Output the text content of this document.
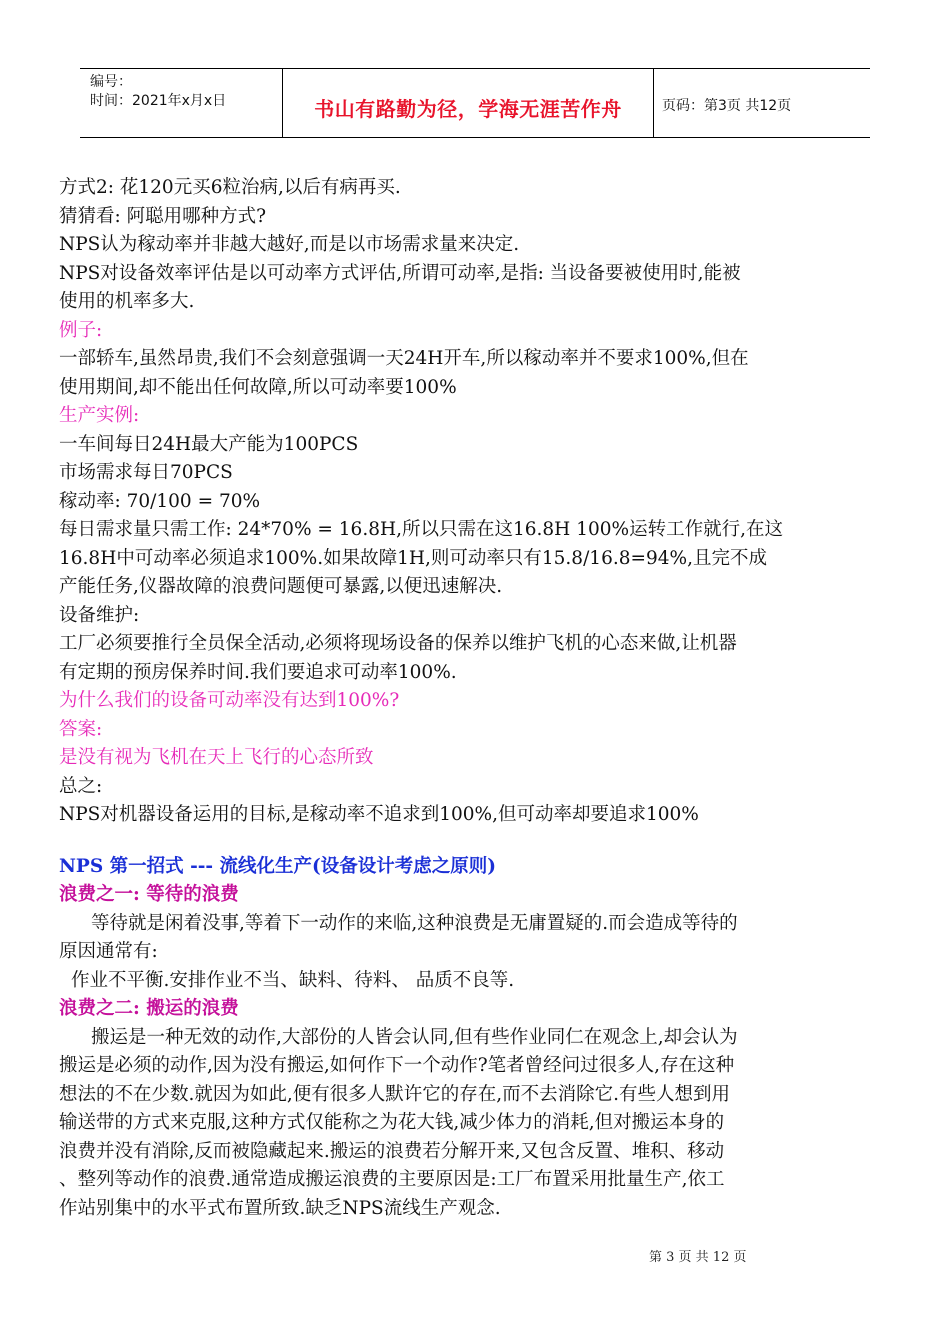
编号：
时间：2021年x月x日	书山有路勤为径，学海无涯苦作舟	页码：第3页 共12页
方式2: 花120元买6粒治病,以后有病再买.
猜猜看: 阿聪用哪种方式?
NPS认为稼动率并非越大越好,而是以市场需求量来决定.
NPS对设备效率评估是以可动率方式评估,所谓可动率,是指: 当设备要被使用时,能被
使用的机率多大.
例子:
一部轿车,虽然昂贵,我们不会刻意强调一天24H开车,所以稼动率并不要求100%,但在
使用期间,却不能出任何故障,所以可动率要100%
生产实例:
一车间每日24H最大产能为100PCS
市场需求每日70PCS
稼动率: 70/100 = 70%
每日需求量只需工作: 24*70% = 16.8H,所以只需在这16.8H 100%运转工作就行,在这
16.8H中可动率必须追求100%.如果故障1H,则可动率只有15.8/16.8=94%,且完不成
产能任务,仪器故障的浪费问题便可暴露,以便迅速解决.
设备维护:
工厂必须要推行全员保全活动,必须将现场设备的保养以维护飞机的心态来做,让机器
有定期的预房保养时间.我们要追求可动率100%.
为什么我们的设备可动率没有达到100%?
答案:
是没有视为飞机在天上飞行的心态所致
总之:
NPS对机器设备运用的目标,是稼动率不追求到100%,但可动率却要追求100%
NPS 第一招式 --- 流线化生产(设备设计考虑之原则)
浪费之一: 等待的浪费
等待就是闲着没事,等着下一动作的来临,这种浪费是无庸置疑的.而会造成等待的
原因通常有:
作业不平衡.安排作业不当、缺料、待料、 品质不良等.
浪费之二: 搬运的浪费
搬运是一种无效的动作,大部份的人皆会认同,但有些作业同仁在观念上,却会认为
搬运是必须的动作,因为没有搬运,如何作下一个动作?笔者曾经问过很多人,存在这种
想法的不在少数.就因为如此,便有很多人默许它的存在,而不去消除它.有些人想到用
输送带的方式来克服,这种方式仅能称之为花大钱,减少体力的消耗,但对搬运本身的
浪费并没有消除,反而被隐藏起来.搬运的浪费若分解开来,又包含反置、堆积、移动
、整列等动作的浪费.通常造成搬运浪费的主要原因是:工厂布置采用批量生产,依工
作站别集中的水平式布置所致.缺乏NPS流线生产观念.
第 3 页 共 12 页
